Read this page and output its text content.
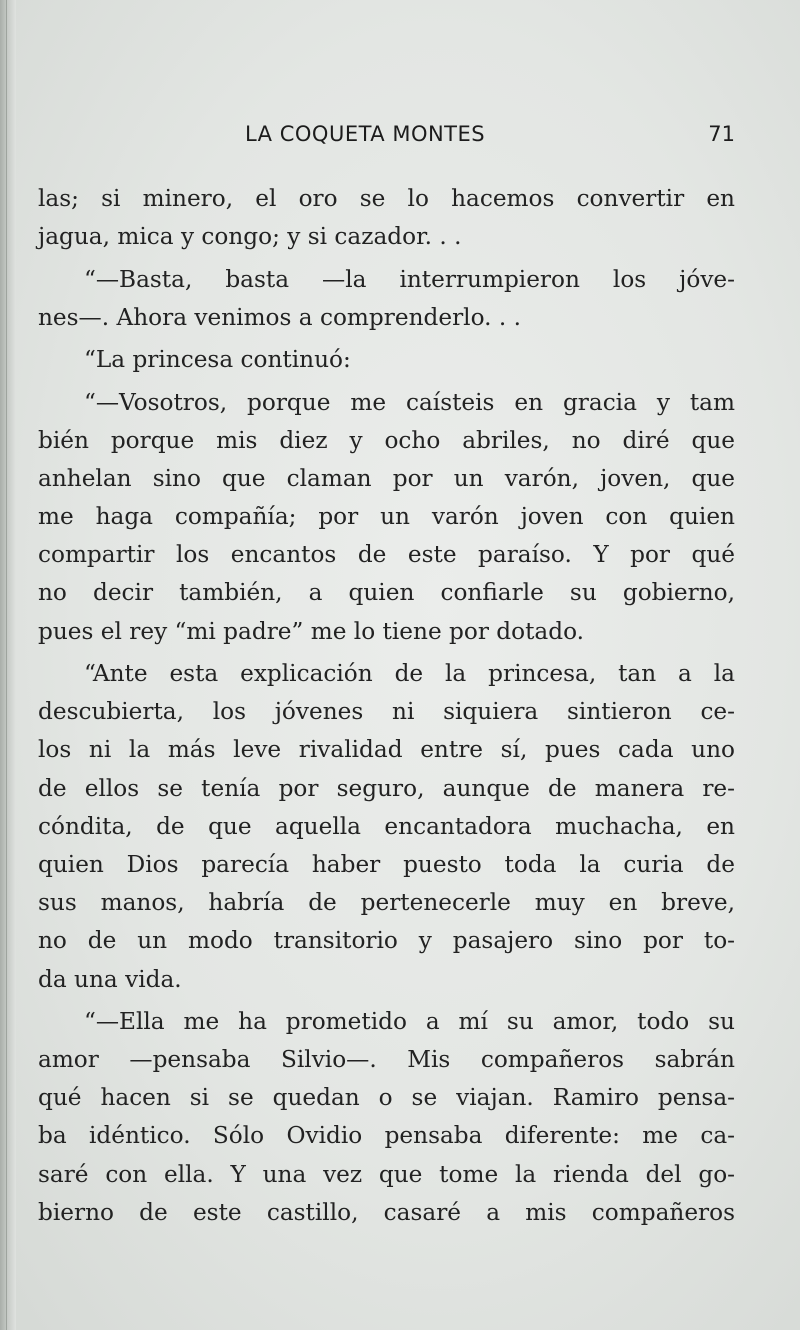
LA COQUETA MONTES	71
las; si minero, el oro se lo hacemos convertir en
jagua, mica y congo; y si cazador. . .
“—Basta, basta —la interrumpieron los jóve-
nes—. Ahora venimos a comprenderlo. . .
“La princesa continuó:
“—Vosotros, porque me caísteis en gracia y tam
bién porque mis diez y ocho abriles, no diré que
anhelan sino que claman por un varón, joven, que
me haga compañía; por un varón joven con quien
compartir los encantos de este paraíso. Y por qué
no decir también, a quien confiarle su gobierno,
pues el rey “mi padre” me lo tiene por dotado.
“Ante esta explicación de la princesa, tan a la
descubierta, los jóvenes ni siquiera sintieron ce-
los ni la más leve rivalidad entre sí, pues cada uno
de ellos se tenía por seguro, aunque de manera re-
cóndita, de que aquella encantadora muchacha, en
quien Dios parecía haber puesto toda la curia de
sus manos, habría de pertenecerle muy en breve,
no de un modo transitorio y pasajero sino por to-
da una vida.
“—Ella me ha prometido a mí su amor, todo su
amor —pensaba Silvio—. Mis compañeros sabrán
qué hacen si se quedan o se viajan. Ramiro pensa-
ba idéntico. Sólo Ovidio pensaba diferente: me ca-
saré con ella. Y una vez que tome la rienda del go-
bierno de este castillo, casaré a mis compañeros
